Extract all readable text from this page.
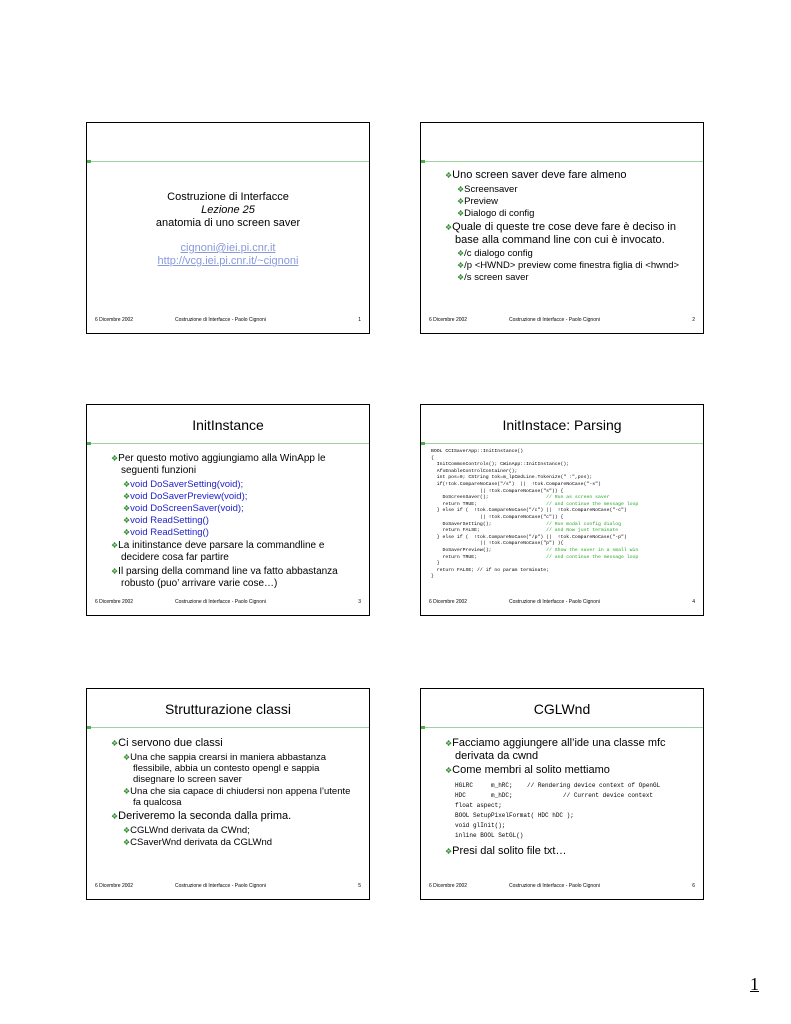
Costruzione di Interfacce
Lezione 25
anatomia di uno screen saver
cignoni@iei.pi.cnr.it
http://vcg.iei.pi.cnr.it/~cignoni
6 Dicembre 2002	Costruzione di Interfacce - Paolo Cignoni	1
❖Uno screen saver deve fare almeno
❖Screensaver
❖Preview
❖Dialogo di config
❖Quale di queste tre cose deve fare è deciso in base alla command line con cui è invocato.
❖/c dialogo config
❖/p <HWND> preview come finestra figlia di <hwnd>
❖/s screen saver
6 Dicembre 2002	Costruzione di Interfacce - Paolo Cignoni	2
InitInstance
❖Per questo motivo aggiungiamo alla WinApp le seguenti funzioni
❖void DoSaverSetting(void);
❖void DoSaverPreview(void);
❖void DoScreenSaver(void);
❖void ReadSetting()
❖void ReadSetting()
❖La initinstance deve parsare la commandline e decidere cosa far partire
❖Il parsing della command line va fatto abbastanza robusto (puo’ arrivare varie cose…)
6 Dicembre 2002	Costruzione di Interfacce - Paolo Cignoni	3
InitInstace: Parsing
BOOL CCISaverApp::InitInstance()
{
InitCommonControls(); CWinApp::InitInstance();
AfxEnableControlContainer();
int pos=0; CString tok=m_lpCmdLine.Tokenize(" :",pos);
if(!tok.CompareNoCase("/s")  ||  !tok.CompareNoCase("-s")
|| !tok.CompareNoCase("s")) {
DoScreenSaver();                    // Run as screen saver
return TRUE;                        // and continue the message loop
} else if (  !tok.CompareNoCase("/c") ||  !tok.CompareNoCase("-c")
|| !tok.CompareNoCase("c")) {
DoSaverSetting();                   // Run modal config dialog
return FALSE;                       // and Now just terminate
} else if (  !tok.CompareNoCase("/p") ||  !tok.CompareNoCase("-p")
|| !tok.CompareNoCase("p") ){
DoSaverPreview();                   // Show the saver in a small win
return TRUE;                        // and continue the message loop
}
return FALSE; // if no param terminate;
}
6 Dicembre 2002	Costruzione di Interfacce - Paolo Cignoni	4
Strutturazione classi
❖Ci servono due classi
❖Una che sappia crearsi in maniera abbastanza flessibile, abbia un contesto opengl e sappia disegnare lo screen saver
❖Una che sia capace di chiudersi non appena l’utente fa qualcosa
❖Deriveremo la seconda dalla prima.
❖CGLWnd derivata da CWnd;
❖CSaverWnd derivata da CGLWnd
6 Dicembre 2002	Costruzione di Interfacce - Paolo Cignoni	5
CGLWnd
❖Facciamo aggiungere all’ide una classe mfc derivata da cwnd
❖Come membri al solito mettiamo
HGLRC     m_hRC;    // Rendering device context of OpenGL
HDC       m_hDC;              // Current device context
float aspect;
BOOL SetupPixelFormat( HDC hDC );
void glInit();
inline BOOL SetGL()
❖Presi dal solito file txt…
6 Dicembre 2002	Costruzione di Interfacce - Paolo Cignoni	6
1
